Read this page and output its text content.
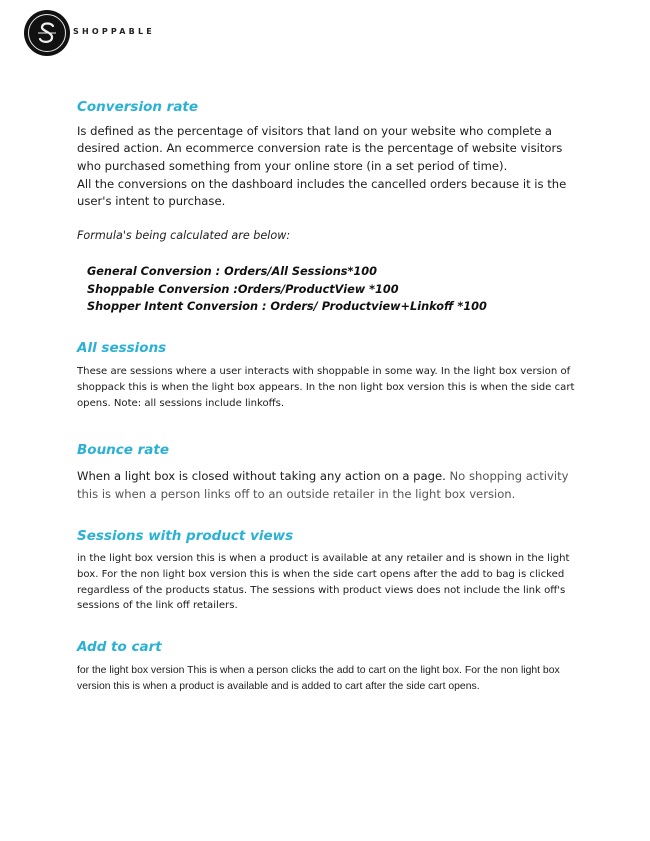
SHOPPABLE
Conversion rate

Is defined as the percentage of visitors that land on your website who complete a desired action. An ecommerce conversion rate is the percentage of website visitors who purchased something from your online store (in a set period of time).

All the conversions on the dashboard includes the cancelled orders because it is the user's intent to purchase.

Formula's being calculated are below:

General Conversion : Orders/All Sessions*100
Shoppable Conversion :Orders/ProductView *100
Shopper Intent Conversion : Orders/ Productview+Linkoff *100
All sessions

These are sessions where a user interacts with shoppable in some way. In the light box version of shoppack this is when the light box appears. In the non light box version this is when the side cart opens. Note: all sessions include linkoffs.

Bounce rate

When a light box is closed without taking any action on a page. No shopping activity this is when a person links off to an outside retailer in the light box version.

Sessions with product views

in the light box version this is when a product is available at any retailer and is shown in the light box. For the non light box version this is when the side cart opens after the add to bag is clicked regardless of the products status. The sessions with product views does not include the link off's sessions of the link off retailers.

Add to cart

for the light box version This is when a person clicks the add to cart on the light box. For the non light box version this is when a product is available and is added to cart after the side cart opens.
